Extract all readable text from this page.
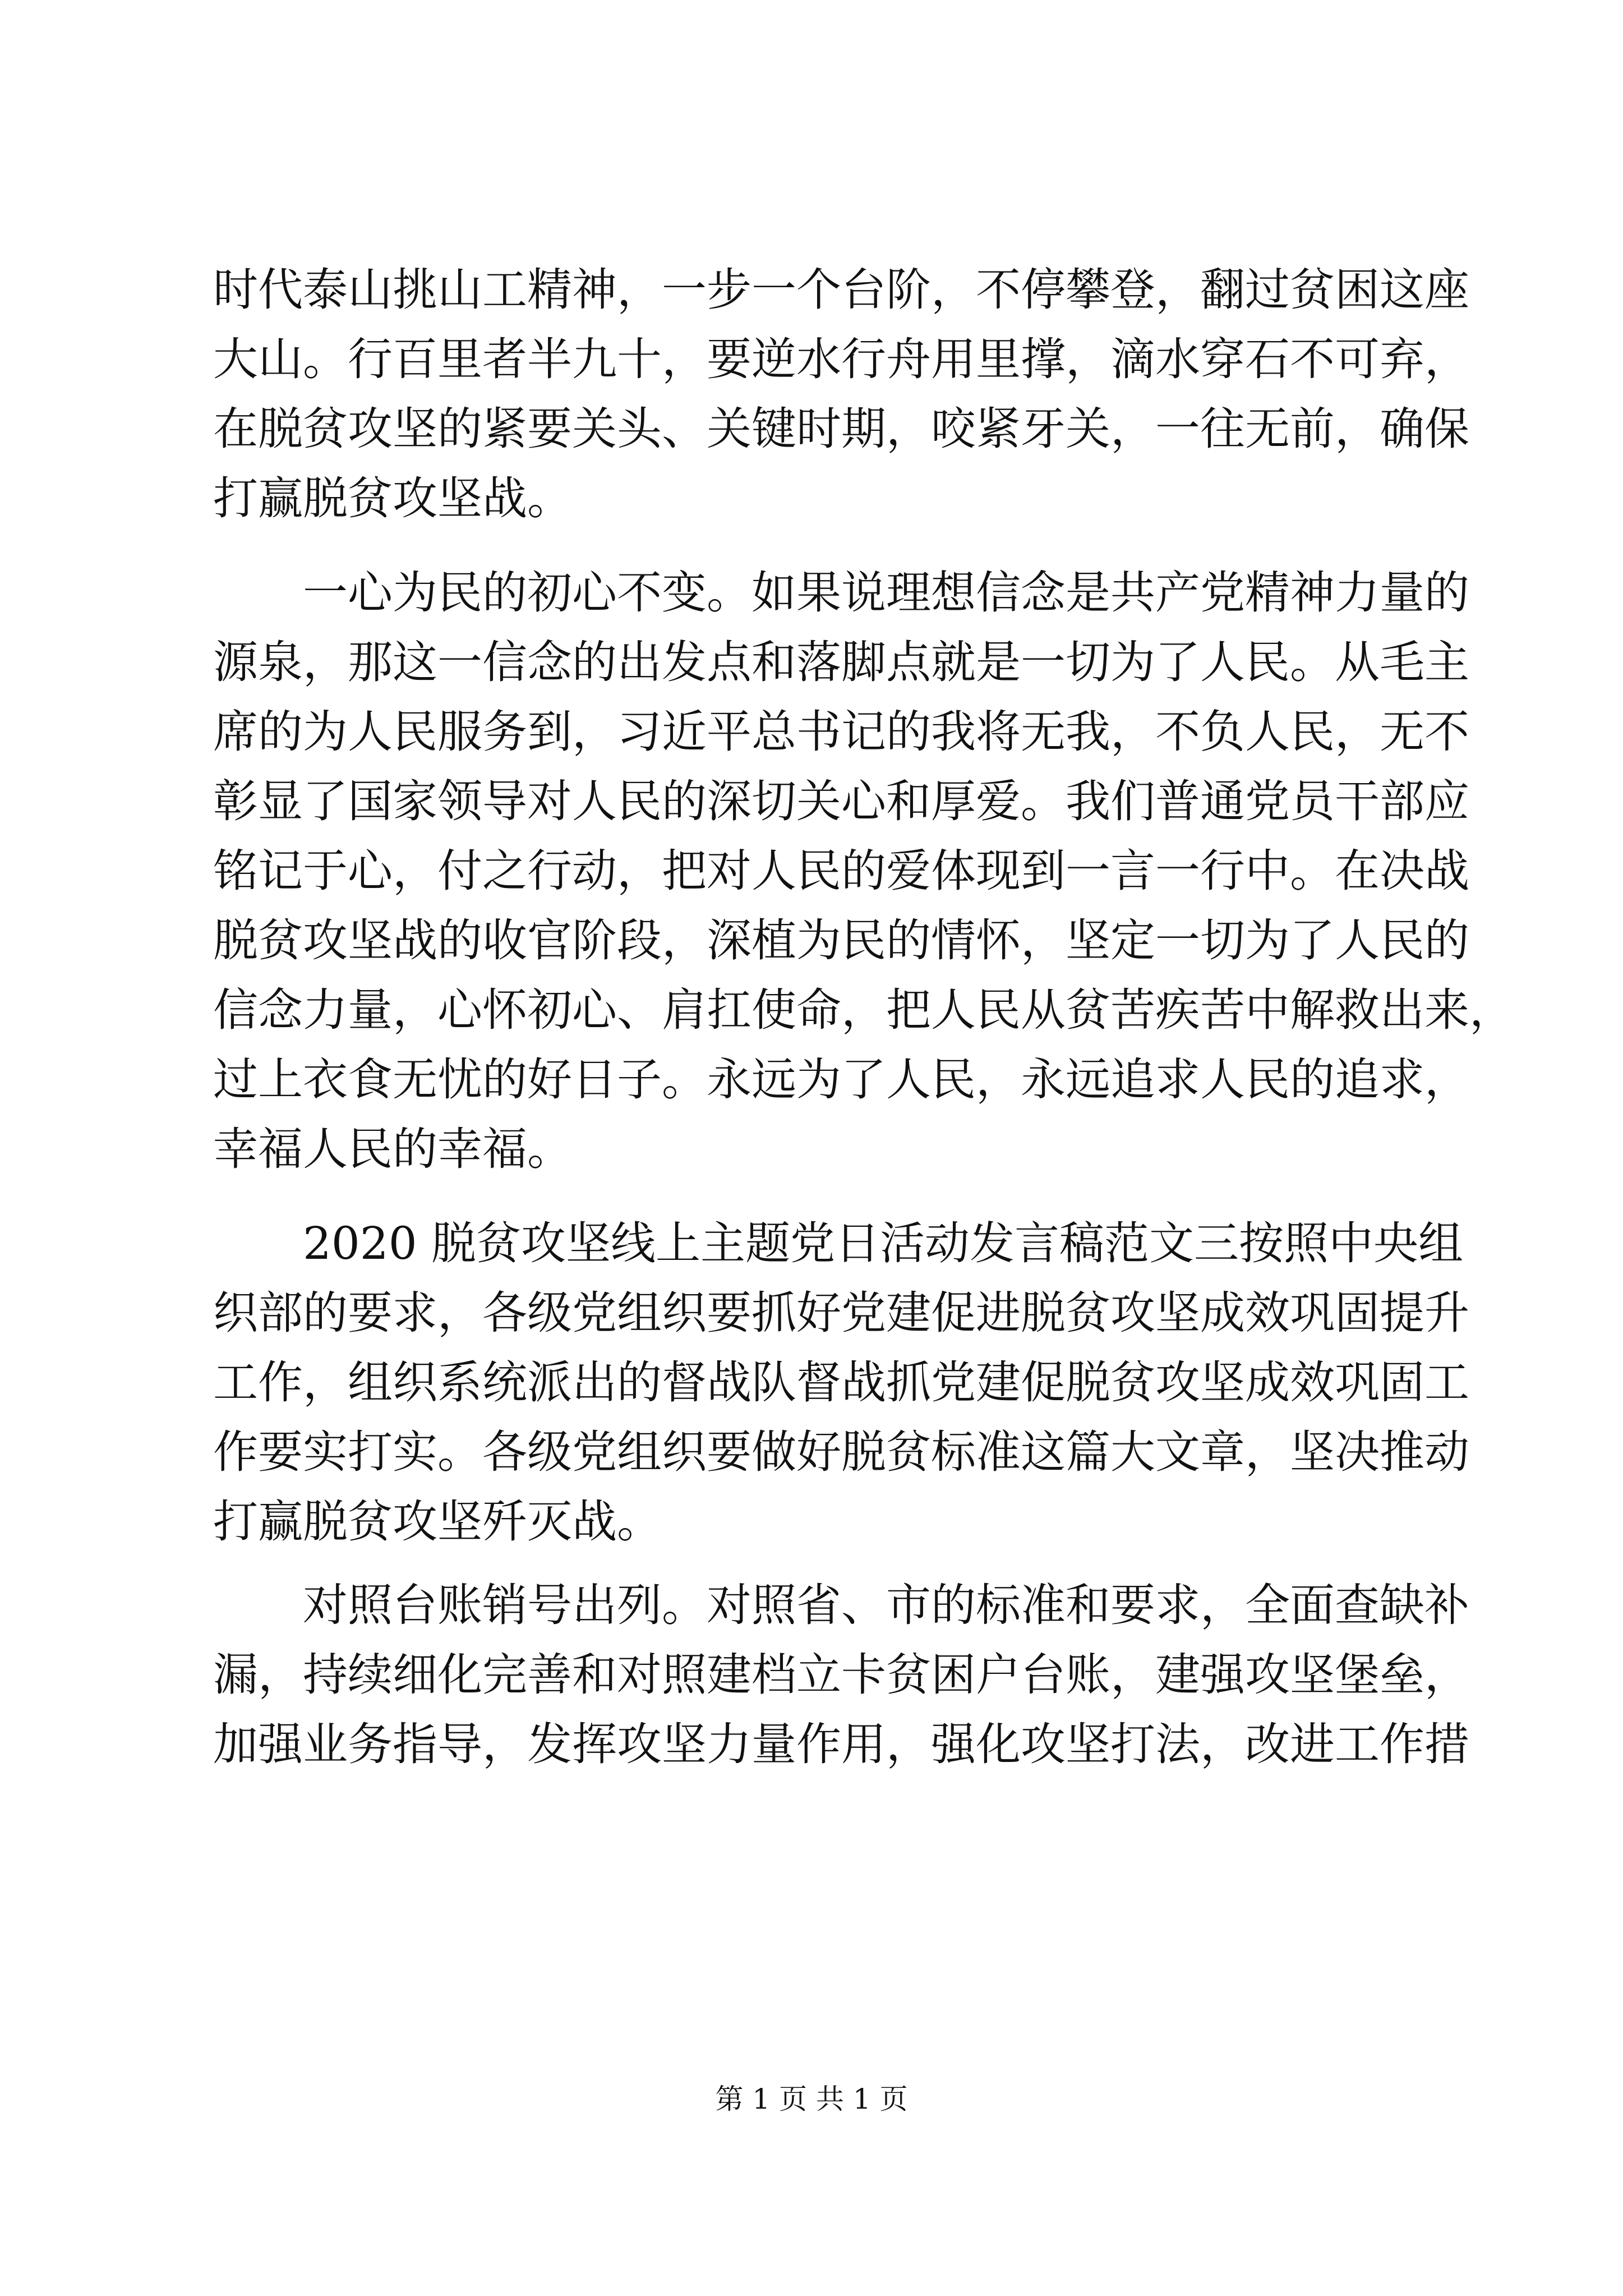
时代泰山挑山工精神，一步一个台阶，不停攀登，翻过贫困这座
大山。行百里者半九十，要逆水行舟用里撑，滴水穿石不可弃，
在脱贫攻坚的紧要关头、关键时期，咬紧牙关，一往无前，确保
打赢脱贫攻坚战。
一心为民的初心不变。如果说理想信念是共产党精神力量的
源泉，那这一信念的出发点和落脚点就是一切为了人民。从毛主
席的为人民服务到，习近平总书记的我将无我，不负人民，无不
彰显了国家领导对人民的深切关心和厚爱。我们普通党员干部应
铭记于心，付之行动，把对人民的爱体现到一言一行中。在决战
脱贫攻坚战的收官阶段，深植为民的情怀，坚定一切为了人民的
信念力量，心怀初心、肩扛使命，把人民从贫苦疾苦中解救出来，
过上衣食无忧的好日子。永远为了人民，永远追求人民的追求，
幸福人民的幸福。
2020 脱贫攻坚线上主题党日活动发言稿范文三按照中央组
织部的要求，各级党组织要抓好党建促进脱贫攻坚成效巩固提升
工作，组织系统派出的督战队督战抓党建促脱贫攻坚成效巩固工
作要实打实。各级党组织要做好脱贫标准这篇大文章，坚决推动
打赢脱贫攻坚歼灭战。
对照台账销号出列。对照省、市的标准和要求，全面查缺补
漏，持续细化完善和对照建档立卡贫困户台账，建强攻坚堡垒，
加强业务指导，发挥攻坚力量作用，强化攻坚打法，改进工作措
第 1 页 共 1 页
